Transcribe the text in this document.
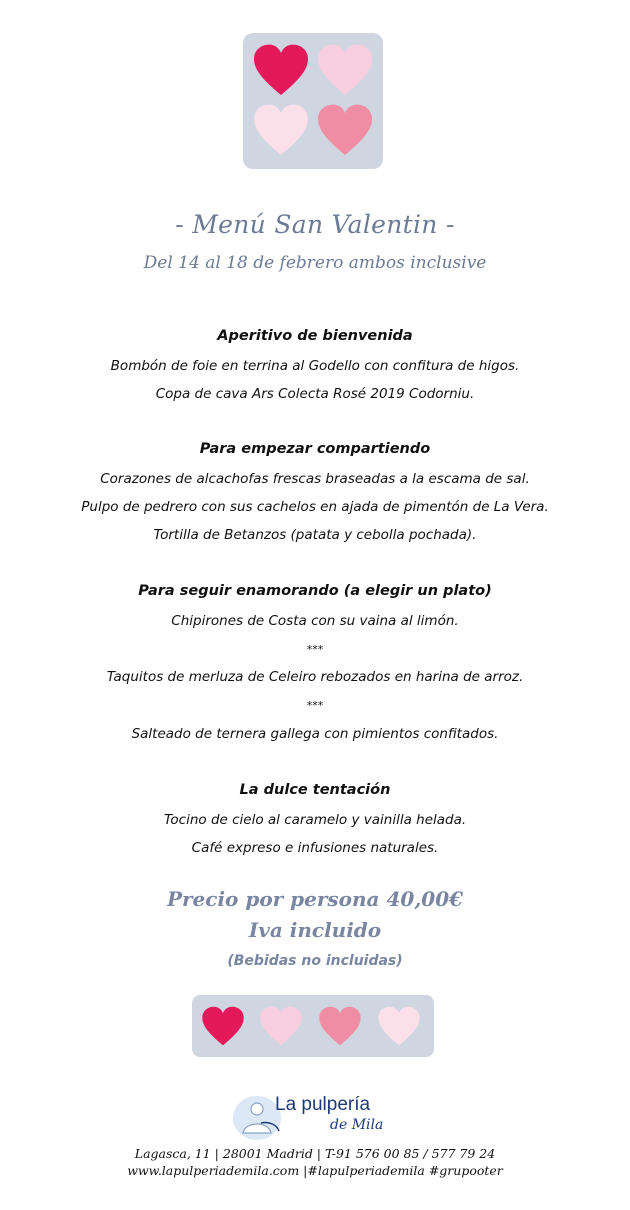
- Menú San Valentin -
Del 14 al 18 de febrero ambos inclusive
Aperitivo de bienvenida
Bombón de foie en terrina al Godello con confitura de higos.
Copa de cava Ars Colecta Rosé 2019 Codorniu.
Para empezar compartiendo
Corazones de alcachofas frescas braseadas a la escama de sal.
Pulpo de pedrero con sus cachelos en ajada de pimentón de La Vera.
Tortilla de Betanzos (patata y cebolla pochada).
Para seguir enamorando (a elegir un plato)
Chipirones de Costa con su vaina al limón.
***
Taquitos de merluza de Celeiro rebozados en harina de arroz.
***
Salteado de ternera gallega con pimientos confitados.
La dulce tentación
Tocino de cielo al caramelo y vainilla helada.
Café expreso e infusiones naturales.
Precio por persona 40,00€
Iva incluido
(Bebidas no incluidas)
La pulpería
de Mila
Lagasca, 11 | 28001 Madrid | T-91 576 00 85 / 577 79 24
www.lapulperiademila.com |#lapulperiademila #grupooter
